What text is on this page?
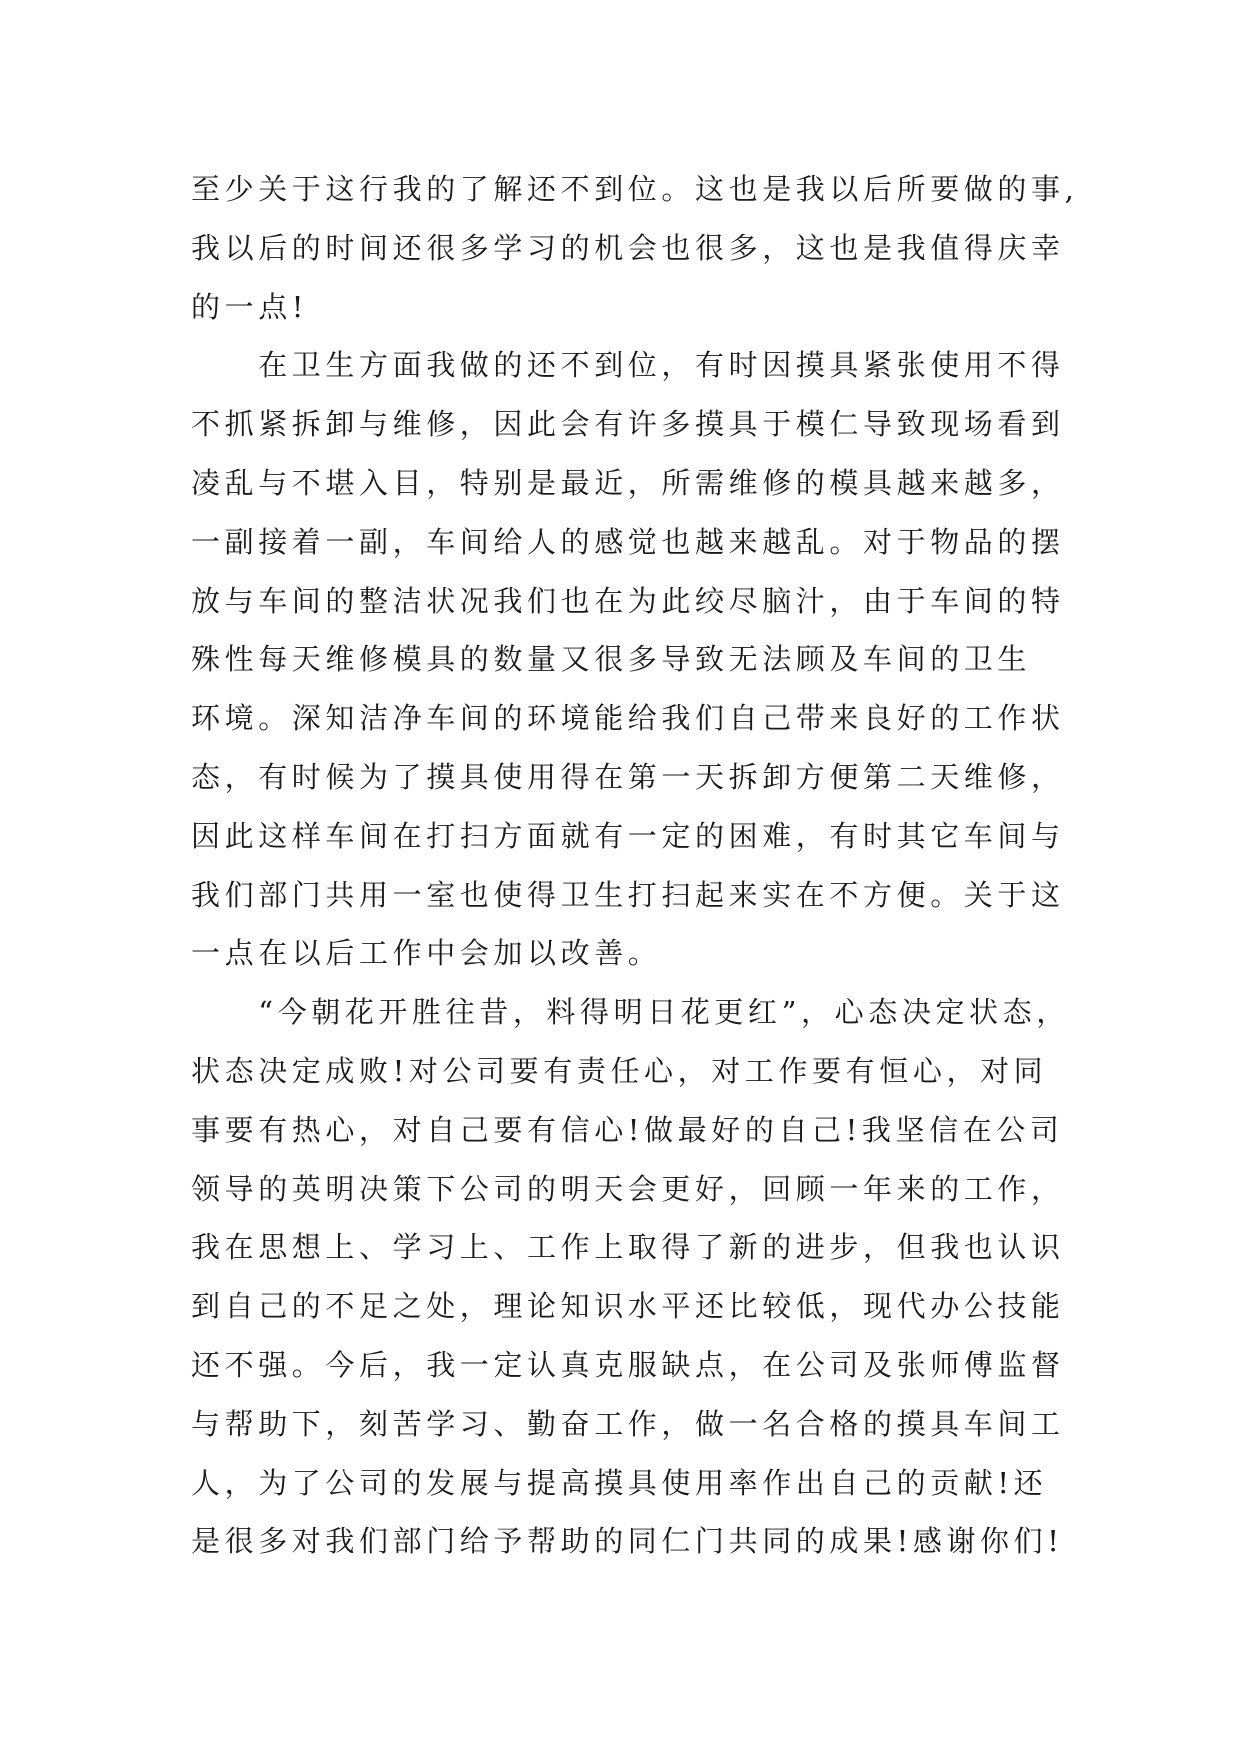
至少关于这行我的了解还不到位。这也是我以后所要做的事,
我以后的时间还很多学习的机会也很多，这也是我值得庆幸
的一点!
　　在卫生方面我做的还不到位，有时因摸具紧张使用不得
不抓紧拆卸与维修，因此会有许多摸具于模仁导致现场看到
凌乱与不堪入目，特别是最近，所需维修的模具越来越多，
一副接着一副，车间给人的感觉也越来越乱。对于物品的摆
放与车间的整洁状况我们也在为此绞尽脑汁，由于车间的特
殊性每天维修模具的数量又很多导致无法顾及车间的卫生
环境。深知洁净车间的环境能给我们自己带来良好的工作状
态，有时候为了摸具使用得在第一天拆卸方便第二天维修，
因此这样车间在打扫方面就有一定的困难，有时其它车间与
我们部门共用一室也使得卫生打扫起来实在不方便。关于这
一点在以后工作中会加以改善。
　　“今朝花开胜往昔，料得明日花更红”，心态决定状态，
状态决定成败!对公司要有责任心，对工作要有恒心，对同
事要有热心，对自己要有信心!做最好的自己!我坚信在公司
领导的英明决策下公司的明天会更好，回顾一年来的工作，
我在思想上、学习上、工作上取得了新的进步，但我也认识
到自己的不足之处，理论知识水平还比较低，现代办公技能
还不强。今后，我一定认真克服缺点，在公司及张师傅监督
与帮助下，刻苦学习、勤奋工作，做一名合格的摸具车间工
人，为了公司的发展与提高摸具使用率作出自己的贡献!还
是很多对我们部门给予帮助的同仁门共同的成果!感谢你们!
